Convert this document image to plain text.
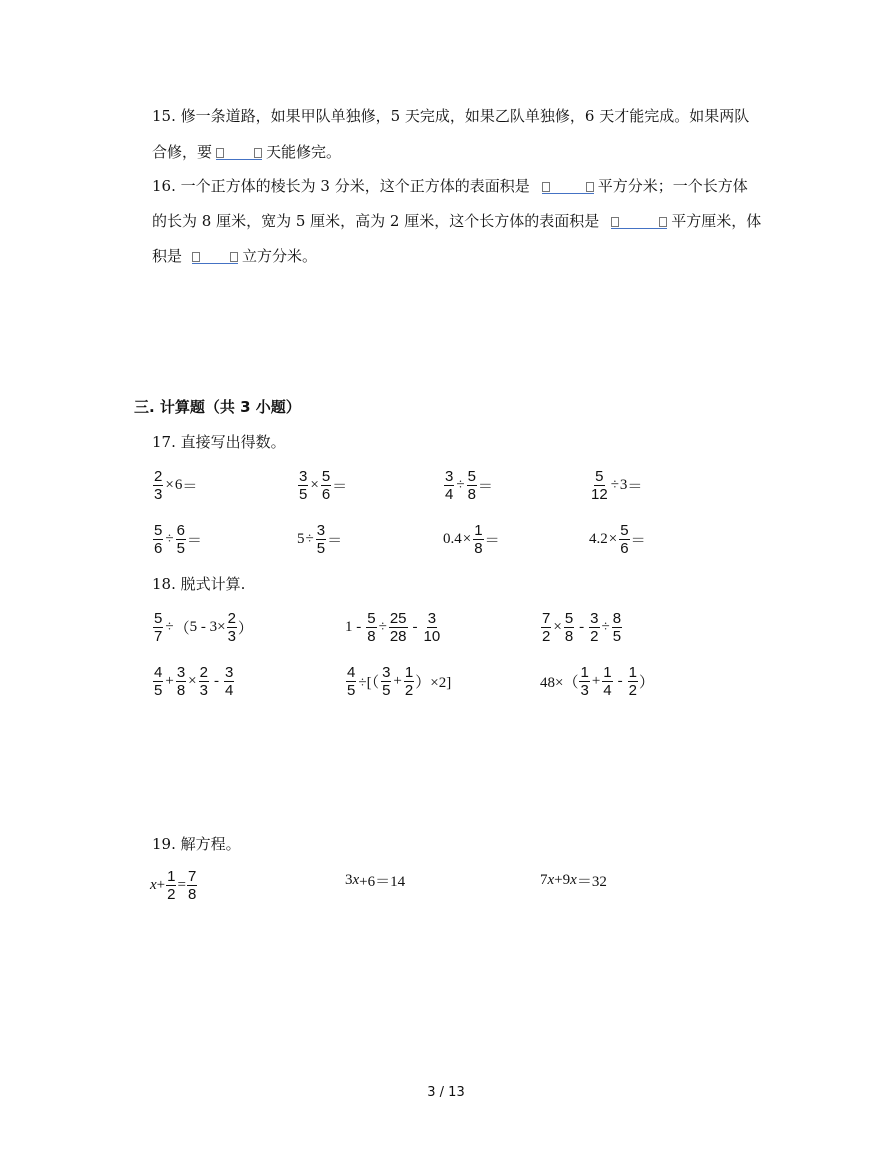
15. 修一条道路，如果甲队单独修，5 天完成，如果乙队单独修，6 天才能完成。如果两队
合修，要	天能修完。
16. 一个正方体的棱长为 3 分米，这个正方体的表面积是	平方分米；一个长方体
的长为 8 厘米，宽为 5 厘米，高为 2 厘米，这个长方体的表面积是	平方厘米，体
积是	立方分米。
三. 计算题（共 3 小题）
17. 直接写出得数。
$\frac{2}{3} \times 6$ ＝	$\frac{3}{5} \times \frac{5}{6}$ ＝	$\frac{3}{4} \div \frac{5}{8}$ ＝	$\frac{5}{12} \div 3$ ＝
$\frac{5}{6} \div \frac{6}{5}$ ＝	$5 \div \frac{3}{5}$ ＝	$0.4 \times \frac{1}{8}$ ＝	$4.2 \times \frac{5}{6}$ ＝
18. 脱式计算.
$\frac{5}{7}$ ÷ （ $5 - 3\times \frac{2}{3}$ ）	$1 - \frac{5}{8} \div \frac{25}{28} - \frac{3}{10}$	$\frac{7}{2} \times \frac{5}{8} - \frac{3}{2} \div \frac{8}{5}$
$\frac{4}{5} + \frac{3}{8} \times \frac{2}{3} - \frac{3}{4}$	$\frac{4}{5}$ ÷[（ $\frac{3}{5} + \frac{1}{2} )\times 2$]	$48\times( \frac{1}{3} + \frac{1}{4} - \frac{1}{2}$ ）
19. 解方程。
$x + \frac{1}{2} = \frac{7}{8}$	3 x +6＝14	7 x +9 x ＝32
3 / 13
